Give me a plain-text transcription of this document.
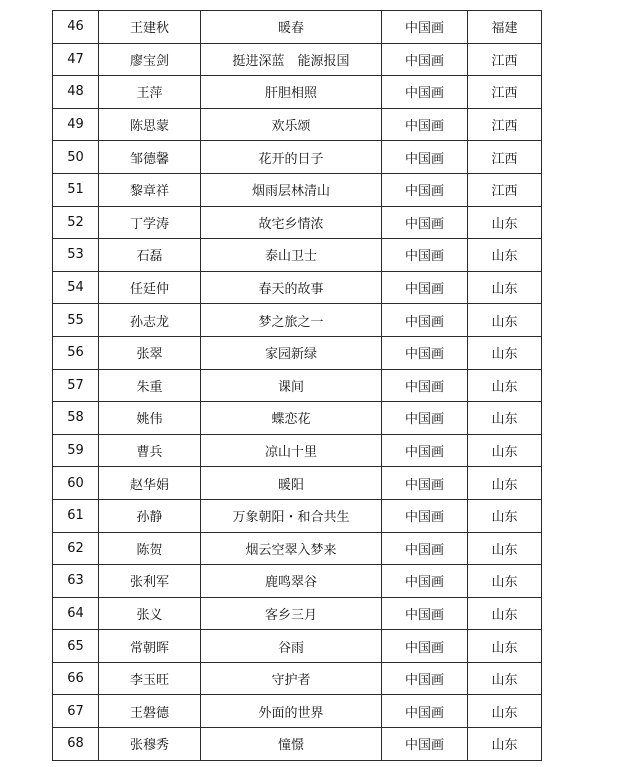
46	王建秋	暖春	中国画	福建
47	廖宝剑	挺进深蓝　能源报国	中国画	江西
48	王萍	肝胆相照	中国画	江西
49	陈思蒙	欢乐颂	中国画	江西
50	邹德馨	花开的日子	中国画	江西
51	黎章祥	烟雨层林清山	中国画	江西
52	丁学涛	故宅乡情浓	中国画	山东
53	石磊	泰山卫士	中国画	山东
54	任廷仲	春天的故事	中国画	山东
55	孙志龙	梦之旅之一	中国画	山东
56	张翠	家园新绿	中国画	山东
57	朱重	课间	中国画	山东
58	姚伟	蝶恋花	中国画	山东
59	曹兵	凉山十里	中国画	山东
60	赵华娟	暖阳	中国画	山东
61	孙静	万象朝阳・和合共生	中国画	山东
62	陈贺	烟云空翠入梦来	中国画	山东
63	张利军	鹿鸣翠谷	中国画	山东
64	张义	客乡三月	中国画	山东
65	常朝晖	谷雨	中国画	山东
66	李玉旺	守护者	中国画	山东
67	王磐德	外面的世界	中国画	山东
68	张穆秀	憧憬	中国画	山东
